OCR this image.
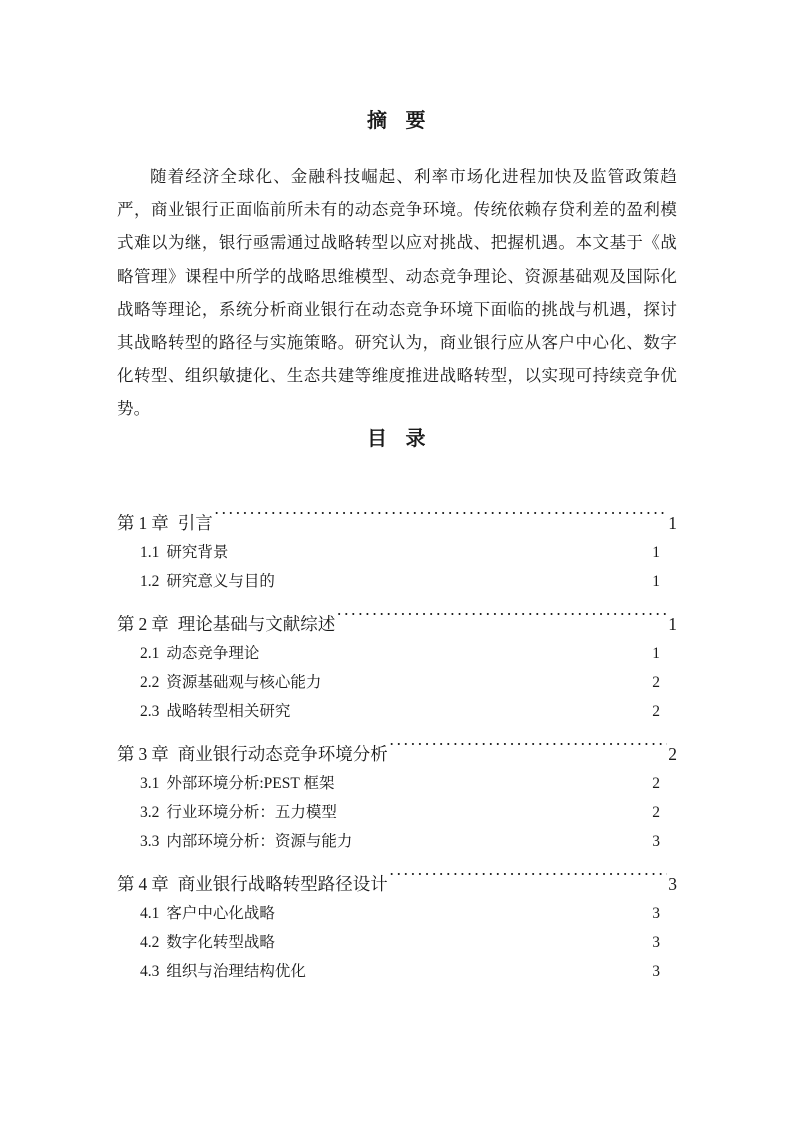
摘 要
随着经济全球化、金融科技崛起、利率市场化进程加快及监管政策趋严，商业银行正面临前所未有的动态竞争环境。传统依赖存贷利差的盈利模式难以为继，银行亟需通过战略转型以应对挑战、把握机遇。本文基于《战略管理》课程中所学的战略思维模型、动态竞争理论、资源基础观及国际化战略等理论，系统分析商业银行在动态竞争环境下面临的挑战与机遇，探讨其战略转型的路径与实施策略。研究认为，商业银行应从客户中心化、数字化转型、组织敏捷化、生态共建等维度推进战略转型，以实现可持续竞争优势。
目 录
第 1 章 引言 ·····	1
1.1 研究背景 ·····	1
1.2 研究意义与目的 ·····	1
第 2 章 理论基础与文献综述 ·····	1
2.1 动态竞争理论 ·····	1
2.2 资源基础观与核心能力 ·····	2
2.3 战略转型相关研究 ·····	2
第 3 章 商业银行动态竞争环境分析 ·····	2
3.1 外部环境分析:PEST 框架 ·····	2
3.2 行业环境分析：五力模型 ·····	2
3.3 内部环境分析：资源与能力 ·····	3
第 4 章 商业银行战略转型路径设计 ·····	3
4.1 客户中心化战略 ·····	3
4.2 数字化转型战略 ·····	3
4.3 组织与治理结构优化 ·····	3
